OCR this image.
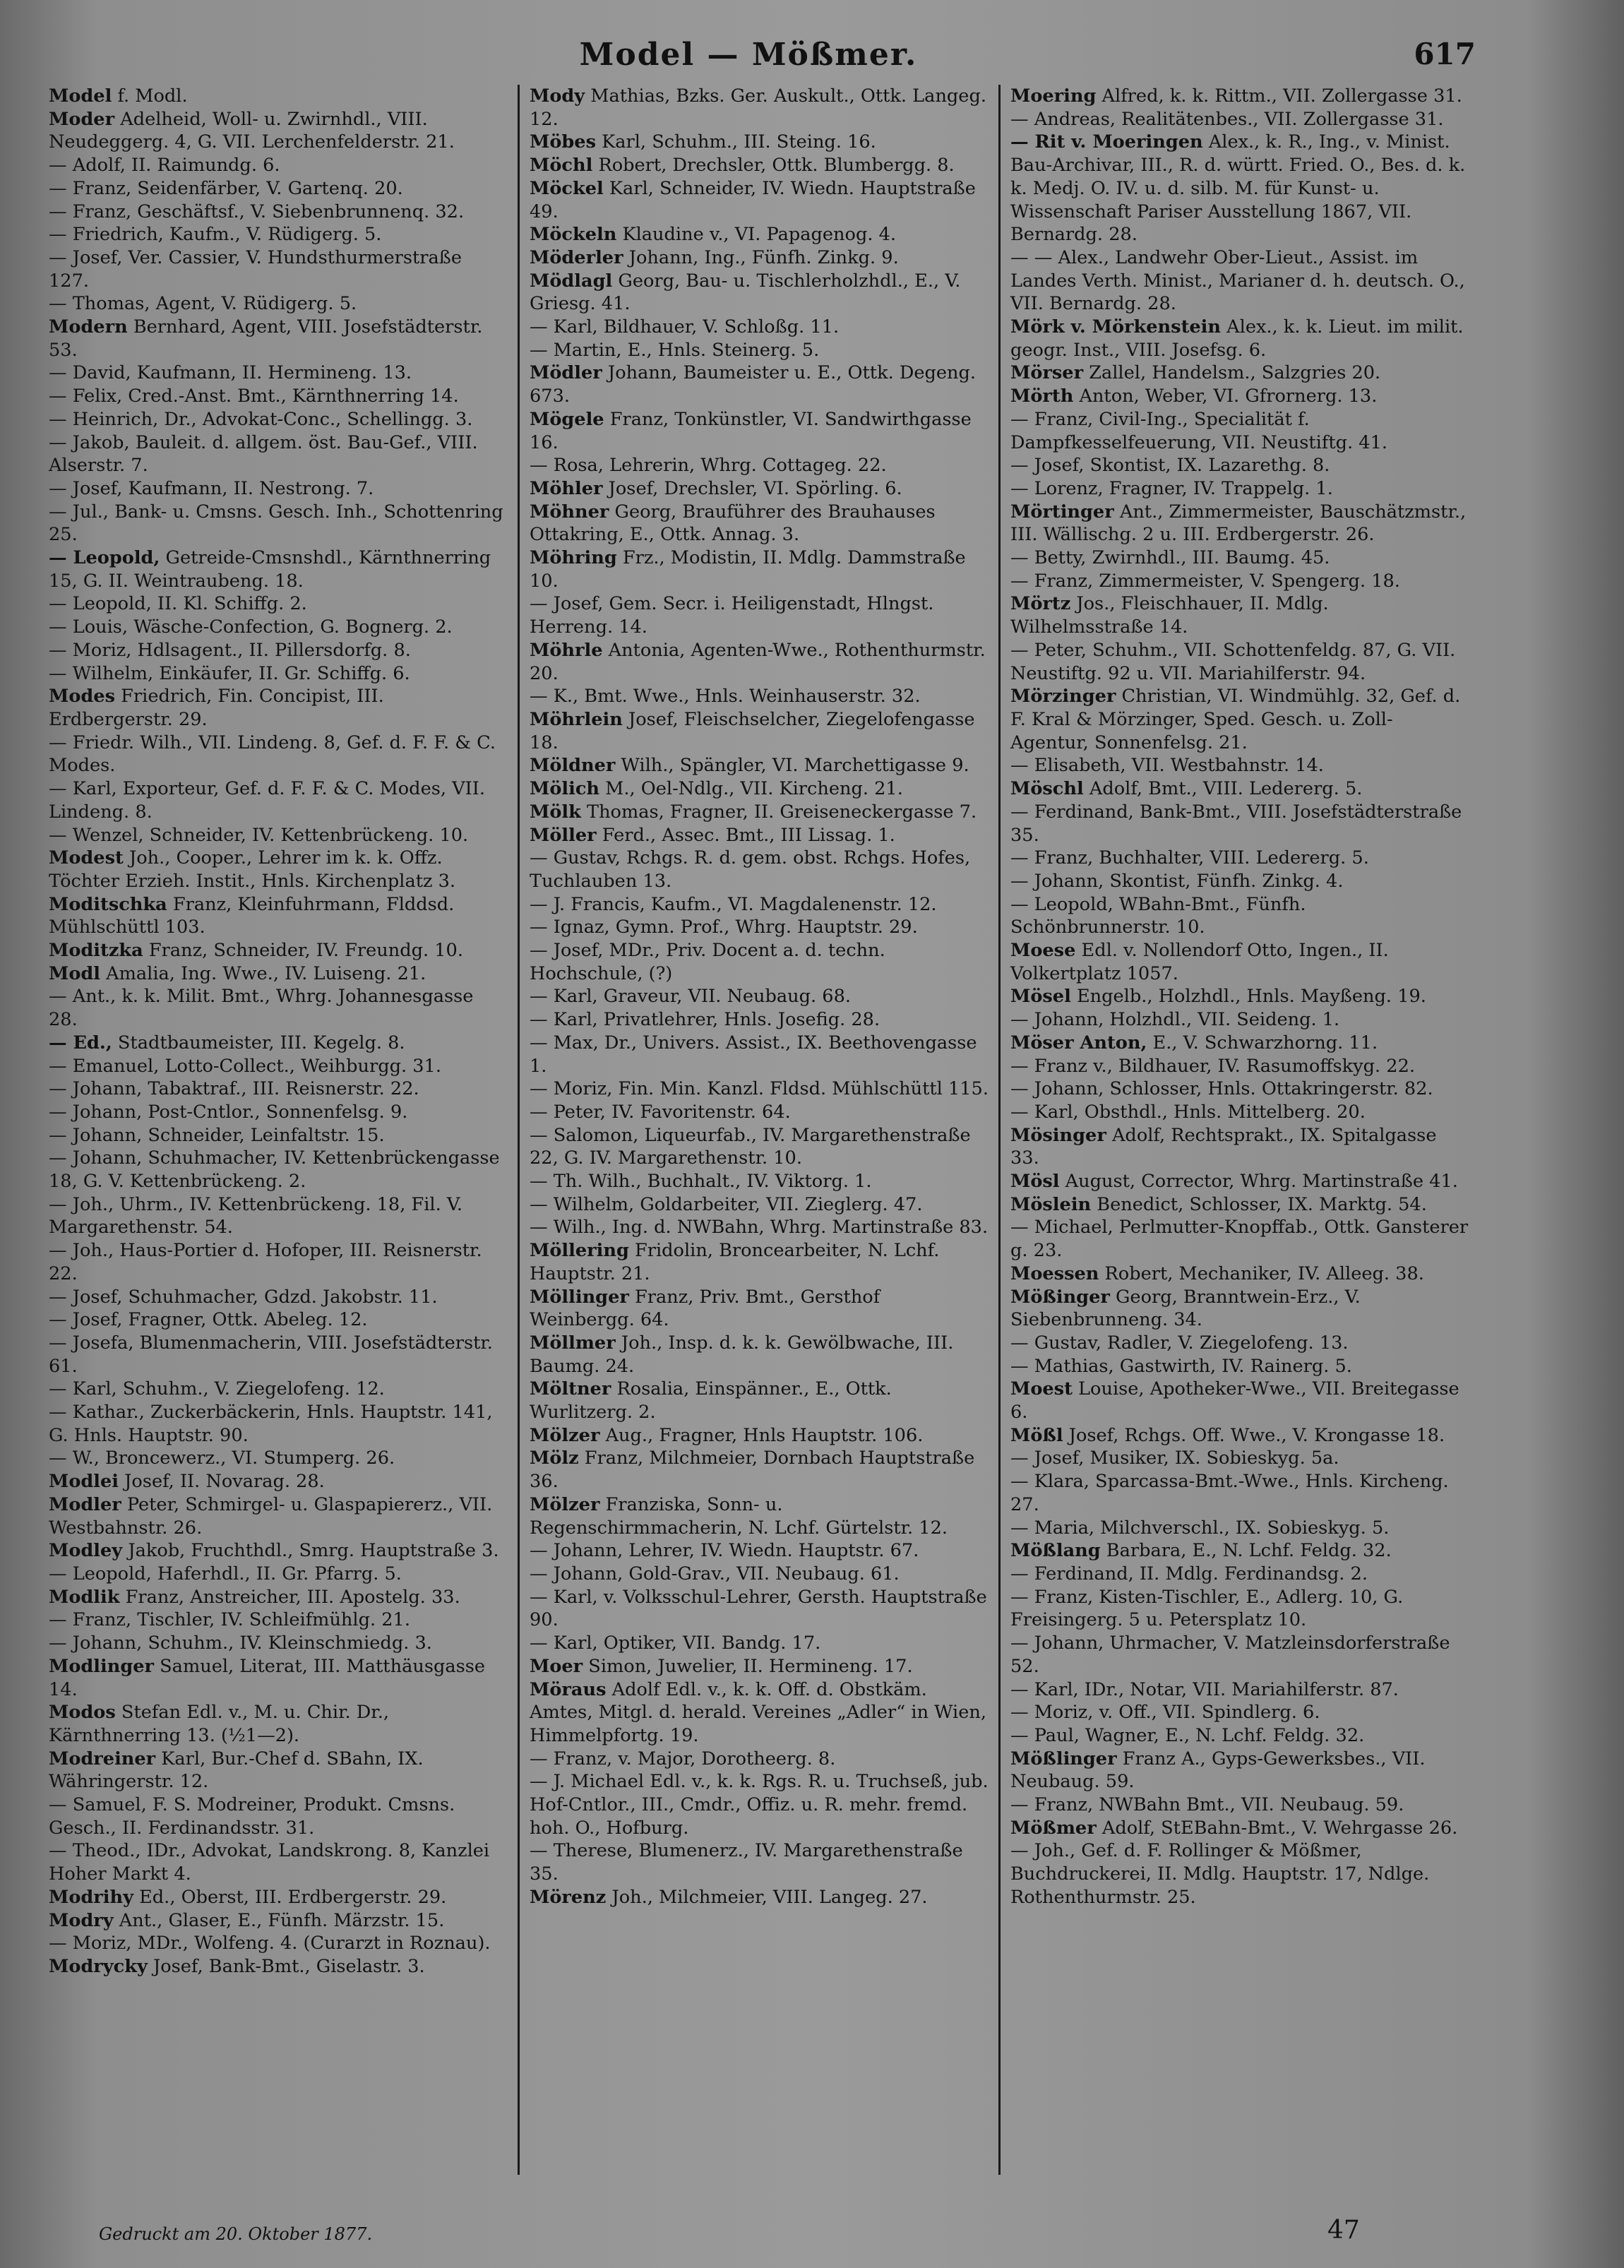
Model — Mößmer.	617

Model f. Modl.

Moder Adelheid, Woll- u. Zwirnhdl., VIII. Neudeggerg. 4, G. VII. Lerchenfelderstr. 21.

— Adolf, II. Raimundg. 6.

— Franz, Seidenfärber, V. Gartenq. 20.

— Franz, Geschäftsf., V. Siebenbrunnenq. 32.

— Friedrich, Kaufm., V. Rüdigerg. 5.

— Josef, Ver. Cassier, V. Hundsthurmerstraße 127.

— Thomas, Agent, V. Rüdigerg. 5.

Modern Bernhard, Agent, VIII. Josefstädterstr. 53.

— David, Kaufmann, II. Hermineng. 13.

— Felix, Cred.-Anst. Bmt., Kärnthnerring 14.

— Heinrich, Dr., Advokat-Conc., Schellingg. 3.

— Jakob, Bauleit. d. allgem. öst. Bau-Gef., VIII. Alserstr. 7.

— Josef, Kaufmann, II. Nestrong. 7.

— Jul., Bank- u. Cmsns. Gesch. Inh., Schottenring 25.

— Leopold, Getreide-Cmsnshdl., Kärnthnerring 15, G. II. Weintraubeng. 18.

— Leopold, II. Kl. Schiffg. 2.

— Louis, Wäsche-Confection, G. Bognerg. 2.

— Moriz, Hdlsagent., II. Pillersdorfg. 8.

— Wilhelm, Einkäufer, II. Gr. Schiffg. 6.

Modes Friedrich, Fin. Concipist, III. Erdbergerstr. 29.

— Friedr. Wilh., VII. Lindeng. 8, Gef. d. F. F. & C. Modes.

— Karl, Exporteur, Gef. d. F. F. & C. Modes, VII. Lindeng. 8.

— Wenzel, Schneider, IV. Kettenbrückeng. 10.

Modest Joh., Cooper., Lehrer im k. k. Offz. Töchter Erzieh. Instit., Hnls. Kirchenplatz 3.

Moditschka Franz, Kleinfuhrmann, Flddsd. Mühlschüttl 103.

Moditzka Franz, Schneider, IV. Freundg. 10.

Modl Amalia, Ing. Wwe., IV. Luiseng. 21.

— Ant., k. k. Milit. Bmt., Whrg. Johannesgasse 28.

— Ed., Stadtbaumeister, III. Kegelg. 8.

— Emanuel, Lotto-Collect., Weihburgg. 31.

— Johann, Tabaktraf., III. Reisnerstr. 22.

— Johann, Post-Cntlor., Sonnenfelsg. 9.

— Johann, Schneider, Leinfaltstr. 15.

— Johann, Schuhmacher, IV. Kettenbrückengasse 18, G. V. Kettenbrückeng. 2.

— Joh., Uhrm., IV. Kettenbrückeng. 18, Fil. V. Margarethenstr. 54.

— Joh., Haus-Portier d. Hofoper, III. Reisnerstr. 22.

— Josef, Schuhmacher, Gdzd. Jakobstr. 11.

— Josef, Fragner, Ottk. Abeleg. 12.

— Josefa, Blumenmacherin, VIII. Josefstädterstr. 61.

— Karl, Schuhm., V. Ziegelofeng. 12.

— Kathar., Zuckerbäckerin, Hnls. Hauptstr. 141, G. Hnls. Hauptstr. 90.

— W., Broncewerz., VI. Stumperg. 26.

Modlei Josef, II. Novarag. 28.

Modler Peter, Schmirgel- u. Glaspapiererz., VII. Westbahnstr. 26.

Modley Jakob, Fruchthdl., Smrg. Hauptstraße 3.

— Leopold, Haferhdl., II. Gr. Pfarrg. 5.

Modlik Franz, Anstreicher, III. Apostelg. 33.

— Franz, Tischler, IV. Schleifmühlg. 21.

— Johann, Schuhm., IV. Kleinschmiedg. 3.

Modlinger Samuel, Literat, III. Matthäusgasse 14.

Modos Stefan Edl. v., M. u. Chir. Dr., Kärnthnerring 13. (½1—2).

Modreiner Karl, Bur.-Chef d. SBahn, IX. Währingerstr. 12.

— Samuel, F. S. Modreiner, Produkt. Cmsns. Gesch., II. Ferdinandsstr. 31.

— Theod., IDr., Advokat, Landskrong. 8, Kanzlei Hoher Markt 4.

Modrihy Ed., Oberst, III. Erdbergerstr. 29.

Modry Ant., Glaser, E., Fünfh. Märzstr. 15.

— Moriz, MDr., Wolfeng. 4. (Curarzt in Roznau).

Modrycky Josef, Bank-Bmt., Giselastr. 3.

Mody Mathias, Bzks. Ger. Auskult., Ottk. Langeg. 12.

Möbes Karl, Schuhm., III. Steing. 16.

Möchl Robert, Drechsler, Ottk. Blumbergg. 8.

Möckel Karl, Schneider, IV. Wiedn. Hauptstraße 49.

Möckeln Klaudine v., VI. Papagenog. 4.

Möderler Johann, Ing., Fünfh. Zinkg. 9.

Mödlagl Georg, Bau- u. Tischlerholzhdl., E., V. Griesg. 41.

— Karl, Bildhauer, V. Schloßg. 11.

— Martin, E., Hnls. Steinerg. 5.

Mödler Johann, Baumeister u. E., Ottk. Degeng. 673.

Mögele Franz, Tonkünstler, VI. Sandwirthgasse 16.

— Rosa, Lehrerin, Whrg. Cottageg. 22.

Möhler Josef, Drechsler, VI. Spörling. 6.

Möhner Georg, Brauführer des Brauhauses Ottakring, E., Ottk. Annag. 3.

Möhring Frz., Modistin, II. Mdlg. Dammstraße 10.

— Josef, Gem. Secr. i. Heiligenstadt, Hlngst. Herreng. 14.

Möhrle Antonia, Agenten-Wwe., Rothenthurmstr. 20.

— K., Bmt. Wwe., Hnls. Weinhauserstr. 32.

Möhrlein Josef, Fleischselcher, Ziegelofengasse 18.

Möldner Wilh., Spängler, VI. Marchettigasse 9.

Mölich M., Oel-Ndlg., VII. Kircheng. 21.

Mölk Thomas, Fragner, II. Greiseneckergasse 7.

Möller Ferd., Assec. Bmt., III Lissag. 1.

— Gustav, Rchgs. R. d. gem. obst. Rchgs. Hofes, Tuchlauben 13.

— J. Francis, Kaufm., VI. Magdalenenstr. 12.

— Ignaz, Gymn. Prof., Whrg. Hauptstr. 29.

— Josef, MDr., Priv. Docent a. d. techn. Hochschule, (?)

— Karl, Graveur, VII. Neubaug. 68.

— Karl, Privatlehrer, Hnls. Josefig. 28.

— Max, Dr., Univers. Assist., IX. Beethovengasse 1.

— Moriz, Fin. Min. Kanzl. Fldsd. Mühlschüttl 115.

— Peter, IV. Favoritenstr. 64.

— Salomon, Liqueurfab., IV. Margarethenstraße 22, G. IV. Margarethenstr. 10.

— Th. Wilh., Buchhalt., IV. Viktorg. 1.

— Wilhelm, Goldarbeiter, VII. Zieglerg. 47.

— Wilh., Ing. d. NWBahn, Whrg. Martinstraße 83.

Möllering Fridolin, Broncearbeiter, N. Lchf. Hauptstr. 21.

Möllinger Franz, Priv. Bmt., Gersthof Weinbergg. 64.

Möllmer Joh., Insp. d. k. k. Gewölbwache, III. Baumg. 24.

Möltner Rosalia, Einspänner., E., Ottk. Wurlitzerg. 2.

Mölzer Aug., Fragner, Hnls Hauptstr. 106.

Mölz Franz, Milchmeier, Dornbach Hauptstraße 36.

Mölzer Franziska, Sonn- u. Regenschirmmacherin, N. Lchf. Gürtelstr. 12.

— Johann, Lehrer, IV. Wiedn. Hauptstr. 67.

— Johann, Gold-Grav., VII. Neubaug. 61.

— Karl, v. Volksschul-Lehrer, Gersth. Hauptstraße 90.

— Karl, Optiker, VII. Bandg. 17.

Moer Simon, Juwelier, II. Hermineng. 17.

Möraus Adolf Edl. v., k. k. Off. d. Obstkäm. Amtes, Mitgl. d. herald. Vereines „Adler“ in Wien, Himmelpfortg. 19.

— Franz, v. Major, Dorotheerg. 8.

— J. Michael Edl. v., k. k. Rgs. R. u. Truchseß, jub. Hof-Cntlor., III., Cmdr., Offiz. u. R. mehr. fremd. hoh. O., Hofburg.

— Therese, Blumenerz., IV. Margarethenstraße 35.

Mörenz Joh., Milchmeier, VIII. Langeg. 27.

Moering Alfred, k. k. Rittm., VII. Zollergasse 31.

— Andreas, Realitätenbes., VII. Zollergasse 31.

— Rit v. Moeringen Alex., k. R., Ing., v. Minist. Bau-Archivar, III., R. d. württ. Fried. O., Bes. d. k. k. Medj. O. IV. u. d. silb. M. für Kunst- u. Wissenschaft Pariser Ausstellung 1867, VII. Bernardg. 28.

— — Alex., Landwehr Ober-Lieut., Assist. im Landes Verth. Minist., Marianer d. h. deutsch. O., VII. Bernardg. 28.

Mörk v. Mörkenstein Alex., k. k. Lieut. im milit. geogr. Inst., VIII. Josefsg. 6.

Mörser Zallel, Handelsm., Salzgries 20.

Mörth Anton, Weber, VI. Gfrornerg. 13.

— Franz, Civil-Ing., Specialität f. Dampfkesselfeuerung, VII. Neustiftg. 41.

— Josef, Skontist, IX. Lazarethg. 8.

— Lorenz, Fragner, IV. Trappelg. 1.

Mörtinger Ant., Zimmermeister, Bauschätzmstr., III. Wällischg. 2 u. III. Erdbergerstr. 26.

— Betty, Zwirnhdl., III. Baumg. 45.

— Franz, Zimmermeister, V. Spengerg. 18.

Mörtz Jos., Fleischhauer, II. Mdlg. Wilhelmsstraße 14.

— Peter, Schuhm., VII. Schottenfeldg. 87, G. VII. Neustiftg. 92 u. VII. Mariahilferstr. 94.

Mörzinger Christian, VI. Windmühlg. 32, Gef. d. F. Kral & Mörzinger, Sped. Gesch. u. Zoll-Agentur, Sonnenfelsg. 21.

— Elisabeth, VII. Westbahnstr. 14.

Möschl Adolf, Bmt., VIII. Ledererg. 5.

— Ferdinand, Bank-Bmt., VIII. Josefstädterstraße 35.

— Franz, Buchhalter, VIII. Ledererg. 5.

— Johann, Skontist, Fünfh. Zinkg. 4.

— Leopold, WBahn-Bmt., Fünfh. Schönbrunnerstr. 10.

Moese Edl. v. Nollendorf Otto, Ingen., II. Volkertplatz 1057.

Mösel Engelb., Holzhdl., Hnls. Mayßeng. 19.

— Johann, Holzhdl., VII. Seideng. 1.

Möser Anton, E., V. Schwarzhorng. 11.

— Franz v., Bildhauer, IV. Rasumoffskyg. 22.

— Johann, Schlosser, Hnls. Ottakringerstr. 82.

— Karl, Obsthdl., Hnls. Mittelberg. 20.

Mösinger Adolf, Rechtsprakt., IX. Spitalgasse 33.

Mösl August, Corrector, Whrg. Martinstraße 41.

Möslein Benedict, Schlosser, IX. Marktg. 54.

— Michael, Perlmutter-Knopffab., Ottk. Gansterer g. 23.

Moessen Robert, Mechaniker, IV. Alleeg. 38.

Mößinger Georg, Branntwein-Erz., V. Siebenbrunneng. 34.

— Gustav, Radler, V. Ziegelofeng. 13.

— Mathias, Gastwirth, IV. Rainerg. 5.

Moest Louise, Apotheker-Wwe., VII. Breitegasse 6.

Mößl Josef, Rchgs. Off. Wwe., V. Krongasse 18.

— Josef, Musiker, IX. Sobieskyg. 5a.

— Klara, Sparcassa-Bmt.-Wwe., Hnls. Kircheng. 27.

— Maria, Milchverschl., IX. Sobieskyg. 5.

Mößlang Barbara, E., N. Lchf. Feldg. 32.

— Ferdinand, II. Mdlg. Ferdinandsg. 2.

— Franz, Kisten-Tischler, E., Adlerg. 10, G. Freisingerg. 5 u. Petersplatz 10.

— Johann, Uhrmacher, V. Matzleinsdorferstraße 52.

— Karl, IDr., Notar, VII. Mariahilferstr. 87.

— Moriz, v. Off., VII. Spindlerg. 6.

— Paul, Wagner, E., N. Lchf. Feldg. 32.

Mößlinger Franz A., Gyps-Gewerksbes., VII. Neubaug. 59.

— Franz, NWBahn Bmt., VII. Neubaug. 59.

Mößmer Adolf, StEBahn-Bmt., V. Wehrgasse 26.

— Joh., Gef. d. F. Rollinger & Mößmer, Buchdruckerei, II. Mdlg. Hauptstr. 17, Ndlge. Rothenthurmstr. 25.

Gedruckt am 20. Oktober 1877.	47
